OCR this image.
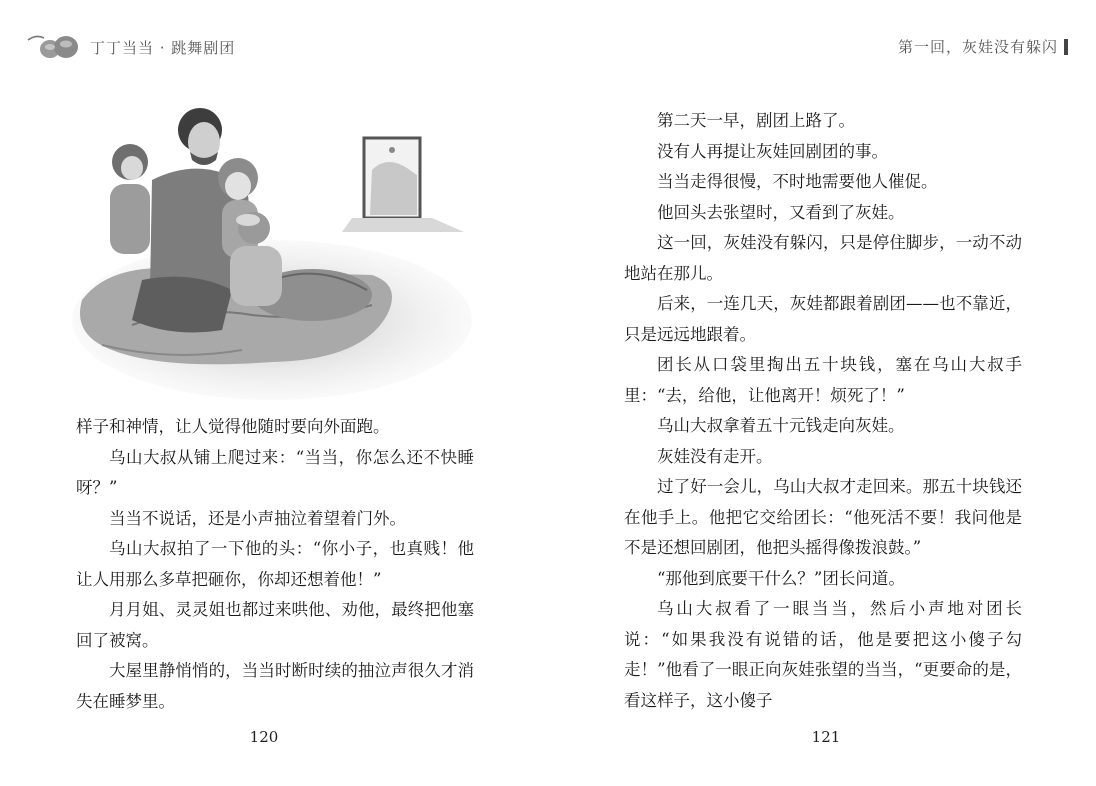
丁丁当当 · 跳舞剧团	第一回，灰娃没有躲闪

样子和神情，让人觉得他随时要向外面跑。

乌山大叔从铺上爬过来：“当当，你怎么还不快睡呀？”

当当不说话，还是小声抽泣着望着门外。

乌山大叔拍了一下他的头：“你小子，也真贱！他让人用那么多草把砸你，你却还想着他！”

月月姐、灵灵姐也都过来哄他、劝他，最终把他塞回了被窝。

大屋里静悄悄的，当当时断时续的抽泣声很久才消失在睡梦里。

120

第二天一早，剧团上路了。

没有人再提让灰娃回剧团的事。

当当走得很慢，不时地需要他人催促。

他回头去张望时，又看到了灰娃。

这一回，灰娃没有躲闪，只是停住脚步，一动不动地站在那儿。

后来，一连几天，灰娃都跟着剧团——也不靠近，只是远远地跟着。

团长从口袋里掏出五十块钱，塞在乌山大叔手里：“去，给他，让他离开！烦死了！”

乌山大叔拿着五十元钱走向灰娃。

灰娃没有走开。

过了好一会儿，乌山大叔才走回来。那五十块钱还在他手上。他把它交给团长：“他死活不要！我问他是不是还想回剧团，他把头摇得像拨浪鼓。”

“那他到底要干什么？”团长问道。

乌山大叔看了一眼当当，然后小声地对团长说：“如果我没有说错的话，他是要把这小傻子勾走！”他看了一眼正向灰娃张望的当当，“更要命的是，看这样子，这小傻子

121
